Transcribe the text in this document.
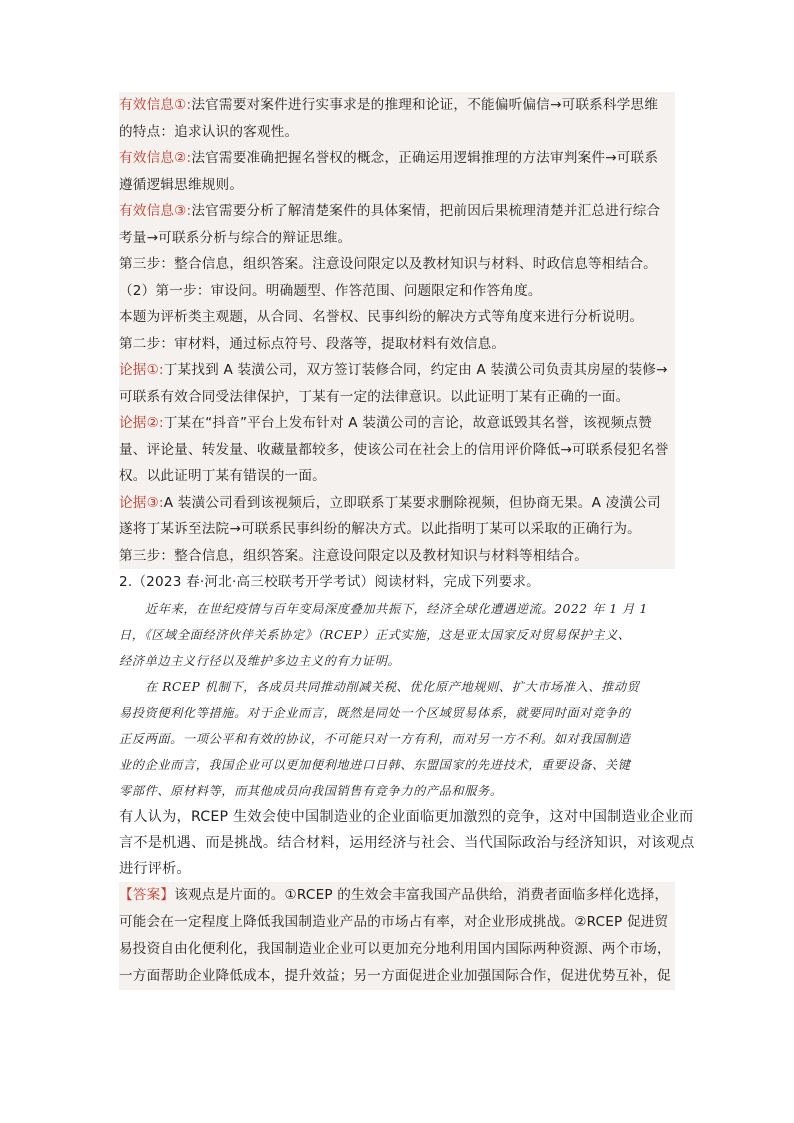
有效信息①:法官需要对案件进行实事求是的推理和论证，不能偏听偏信→可联系科学思维
的特点：追求认识的客观性。
有效信息②:法官需要准确把握名誉权的概念，正确运用逻辑推理的方法审判案件→可联系
遵循逻辑思维规则。
有效信息③:法官需要分析了解清楚案件的具体案情，把前因后果梳理清楚并汇总进行综合
考量→可联系分析与综合的辩证思维。
第三步：整合信息，组织答案。注意设问限定以及教材知识与材料、时政信息等相结合。
（2）第一步：审设问。明确题型、作答范围、问题限定和作答角度。
本题为评析类主观题，从合同、名誉权、民事纠纷的解决方式等角度来进行分析说明。
第二步：审材料，通过标点符号、段落等，提取材料有效信息。
论据①:丁某找到 A 装潢公司，双方签订装修合同，约定由 A 装潢公司负责其房屋的装修→
可联系有效合同受法律保护，丁某有一定的法律意识。以此证明丁某有正确的一面。
论据②:丁某在“抖音”平台上发布针对 A 装潢公司的言论，故意诋毁其名誉，该视频点赞
量、评论量、转发量、收藏量都较多，使该公司在社会上的信用评价降低→可联系侵犯名誉
权。以此证明丁某有错误的一面。
论据③:A 装潢公司看到该视频后，立即联系丁某要求删除视频，但协商无果。A 凌潢公司
遂将丁某诉至法院→可联系民事纠纷的解决方式。以此指明丁某可以采取的正确行为。
第三步：整合信息，组织答案。注意设问限定以及教材知识与材料等相结合。
2.（2023 春·河北·高三校联考开学考试）阅读材料，完成下列要求。
近年来，在世纪疫情与百年变局深度叠加共振下，经济全球化遭遇逆流。2022 年 1 月 1
日，《区域全面经济伙伴关系协定》（RCEP）正式实施，这是亚太国家反对贸易保护主义、
经济单边主义行径以及维护多边主义的有力证明。
在 RCEP 机制下，各成员共同推动削减关税、优化原产地规则、扩大市场准入、推动贸
易投资便利化等措施。对于企业而言，既然是同处一个区域贸易体系，就要同时面对竞争的
正反两面。一项公平和有效的协议，不可能只对一方有利，而对另一方不利。如对我国制造
业的企业而言，我国企业可以更加便利地进口日韩、东盟国家的先进技术，重要设备、关键
零部件、原材料等，而其他成员向我国销售有竞争力的产品和服务。
有人认为，RCEP 生效会使中国制造业的企业面临更加激烈的竞争，这对中国制造业企业而
言不是机遇、而是挑战。结合材料，运用经济与社会、当代国际政治与经济知识，对该观点
进行评析。
【答案】该观点是片面的。①RCEP 的生效会丰富我国产品供给，消费者面临多样化选择，
可能会在一定程度上降低我国制造业产品的市场占有率，对企业形成挑战。②RCEP 促进贸
易投资自由化便利化，我国制造业企业可以更加充分地利用国内国际两种资源、两个市场，
一方面帮助企业降低成本，提升效益；另一方面促进企业加强国际合作，促进优势互补，促
